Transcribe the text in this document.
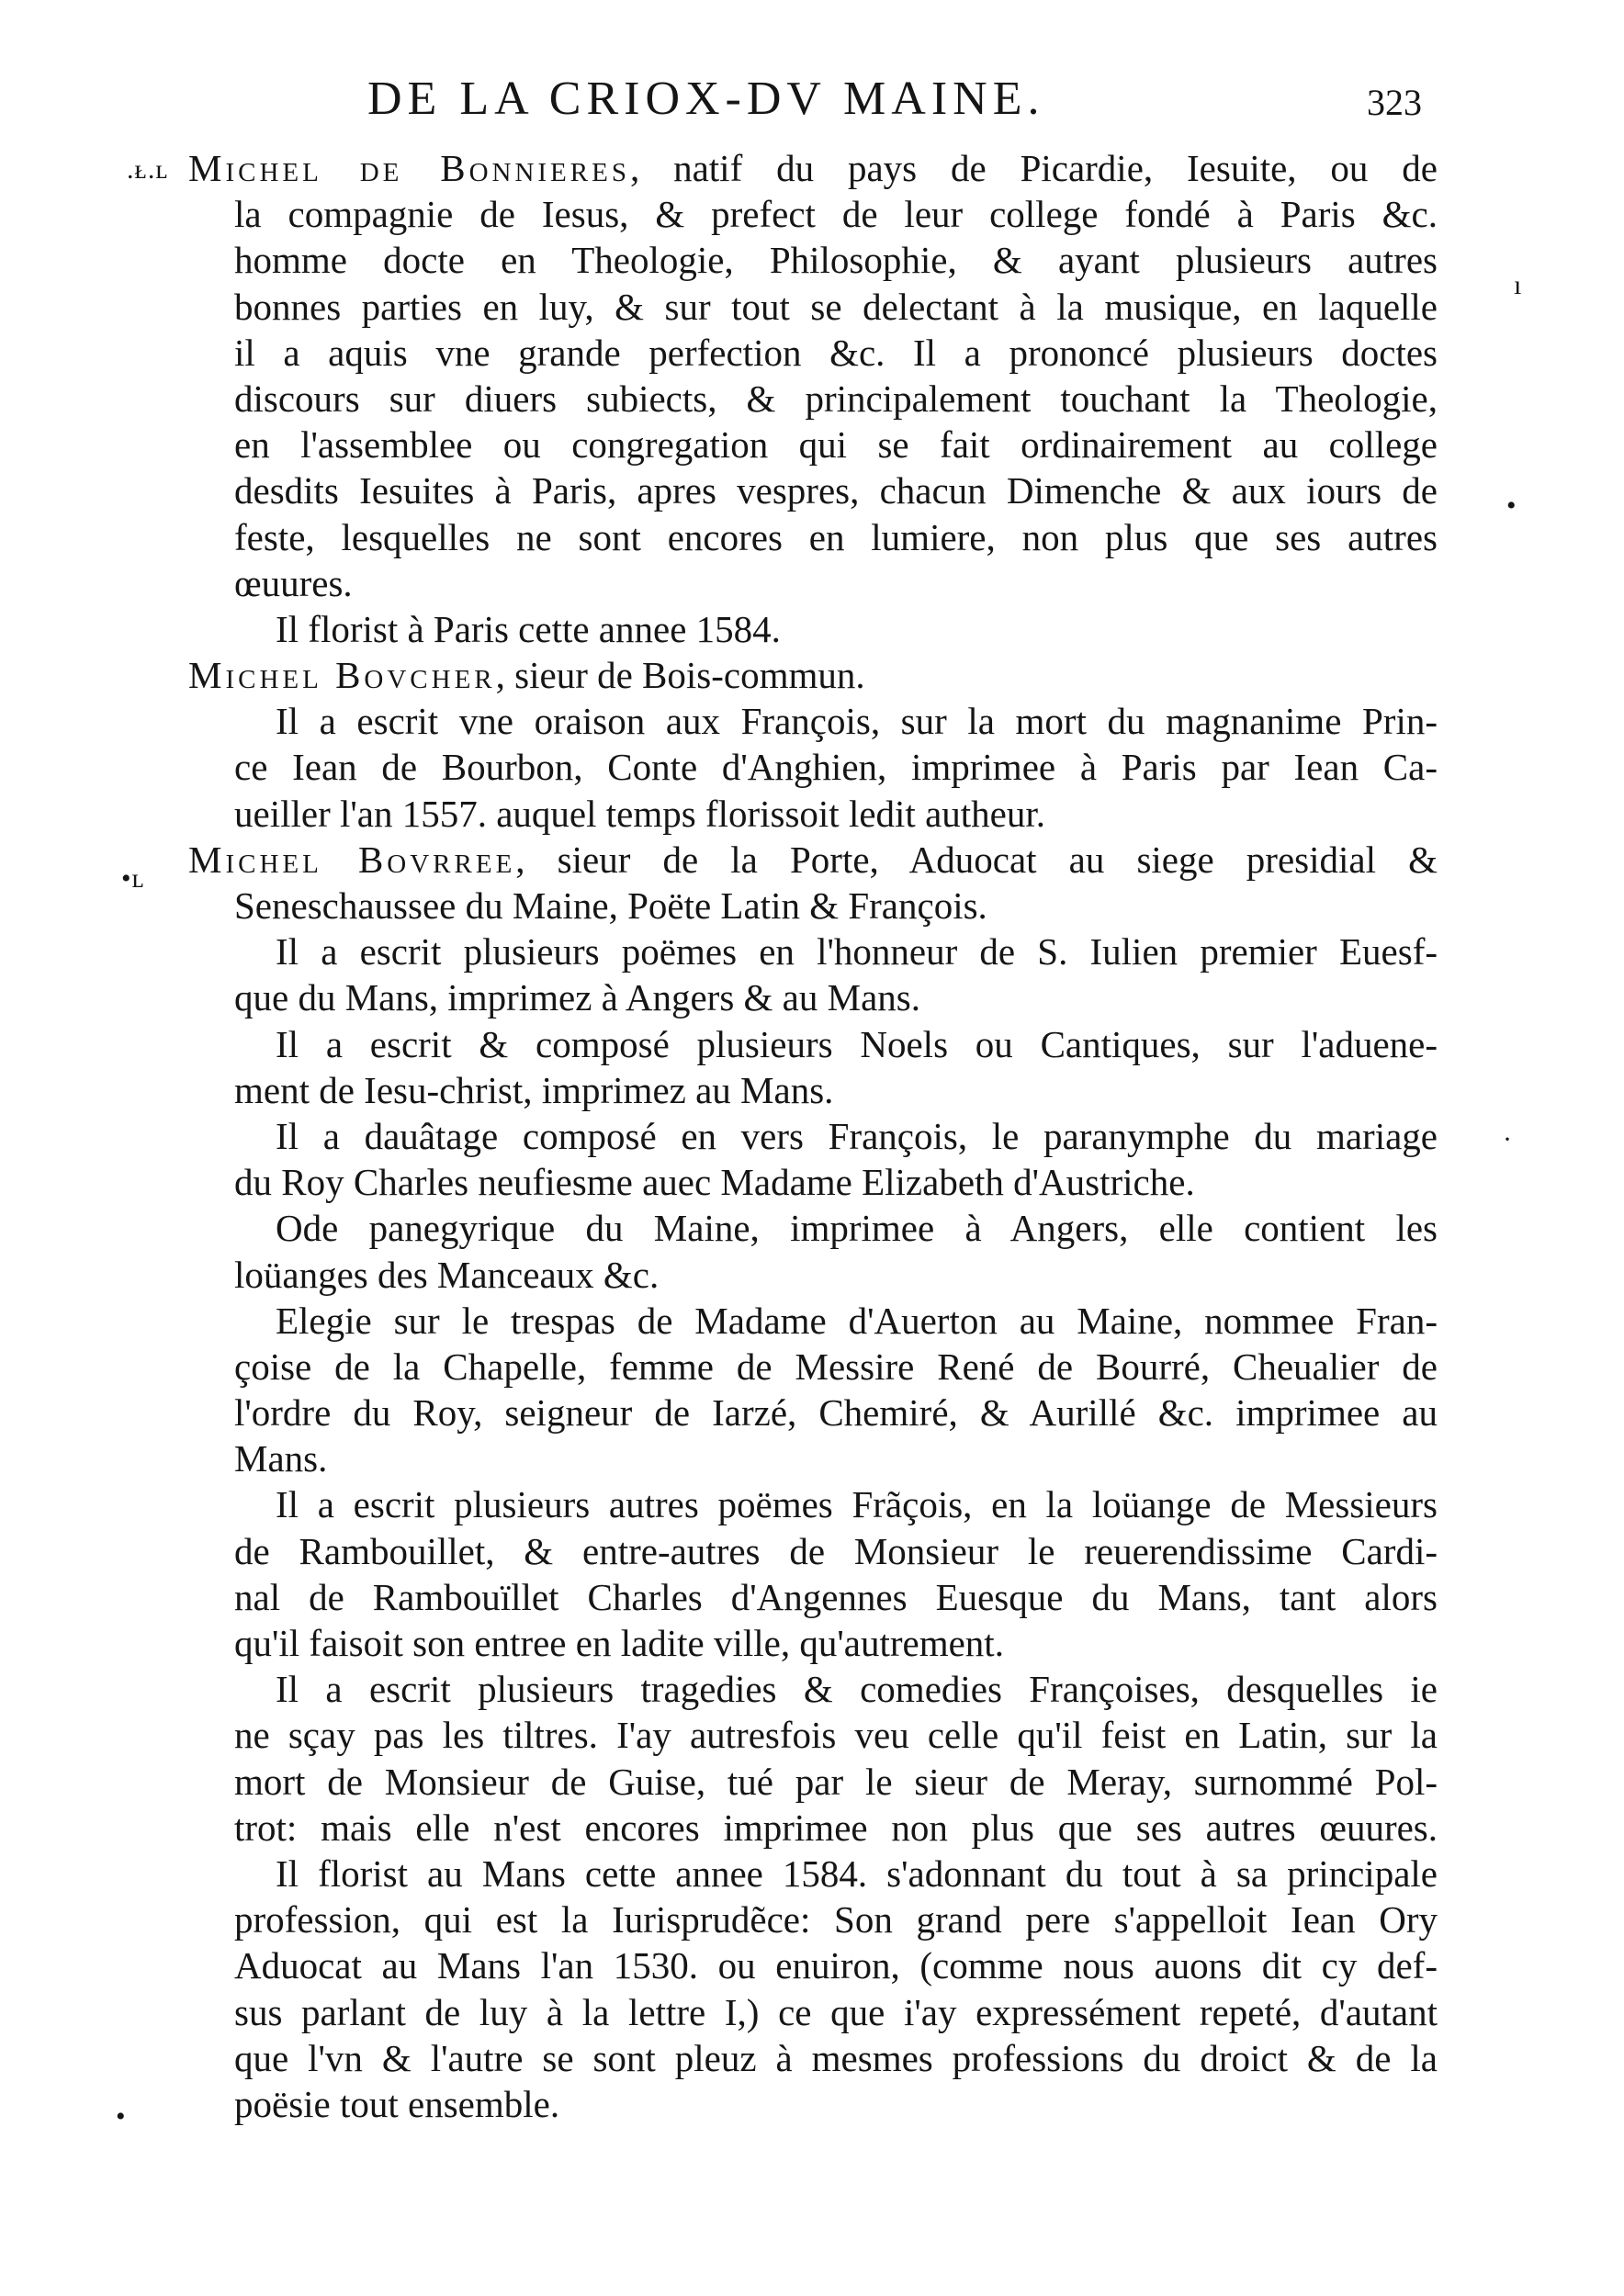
DE LA CRIOX-DV MAINE.	323
.ᴌ.ʟ
•ʟ
ı
•
·
•
Michel de Bonnieres, natif du pays de Picardie, Iesuite, ou de
la compagnie de Iesus, & prefect de leur college fondé à Paris &c.
homme docte en Theologie, Philosophie, & ayant plusieurs autres
bonnes parties en luy, & sur tout se delectant à la musique, en laquelle
il a aquis vne grande perfection &c. Il a prononcé plusieurs doctes
discours sur diuers subiects, & principalement touchant la Theologie,
en l'assemblee ou congregation qui se fait ordinairement au college
desdits Iesuites à Paris, apres vespres, chacun Dimenche & aux iours de
feste, lesquelles ne sont encores en lumiere, non plus que ses autres
œuures.
Il florist à Paris cette annee 1584.
Michel Bovcher, sieur de Bois-commun.
Il a escrit vne oraison aux François, sur la mort du magnanime Prin-
ce Iean de Bourbon, Conte d'Anghien, imprimee à Paris par Iean Ca-
ueiller l'an 1557. auquel temps florissoit ledit autheur.
Michel Bovrree, sieur de la Porte, Aduocat au siege presidial &
Seneschaussee du Maine, Poëte Latin & François.
Il a escrit plusieurs poëmes en l'honneur de S. Iulien premier Euesf-
que du Mans, imprimez à Angers & au Mans.
Il a escrit & composé plusieurs Noels ou Cantiques, sur l'aduene-
ment de Iesu-christ, imprimez au Mans.
Il a dauâtage composé en vers François, le paranymphe du mariage
du Roy Charles neufiesme auec Madame Elizabeth d'Austriche.
Ode panegyrique du Maine, imprimee à Angers, elle contient les
loüanges des Manceaux &c.
Elegie sur le trespas de Madame d'Auerton au Maine, nommee Fran-
çoise de la Chapelle, femme de Messire René de Bourré, Cheualier de
l'ordre du Roy, seigneur de Iarzé, Chemiré, & Aurillé &c. imprimee au
Mans.
Il a escrit plusieurs autres poëmes Frãçois, en la loüange de Messieurs
de Rambouillet, & entre-autres de Monsieur le reuerendissime Cardi-
nal de Rambouïllet Charles d'Angennes Euesque du Mans, tant alors
qu'il faisoit son entree en ladite ville, qu'autrement.
Il a escrit plusieurs tragedies & comedies Françoises, desquelles ie
ne sçay pas les tiltres. I'ay autresfois veu celle qu'il feist en Latin, sur la
mort de Monsieur de Guise, tué par le sieur de Meray, surnommé Pol-
trot: mais elle n'est encores imprimee non plus que ses autres œuures.
Il florist au Mans cette annee 1584. s'adonnant du tout à sa principale
profession, qui est la Iurisprudẽce: Son grand pere s'appelloit Iean Ory
Aduocat au Mans l'an 1530. ou enuiron, (comme nous auons dit cy def-
sus parlant de luy à la lettre I,) ce que i'ay expressément repeté, d'autant
que l'vn & l'autre se sont pleuz à mesmes professions du droict & de la
poësie tout ensemble.
